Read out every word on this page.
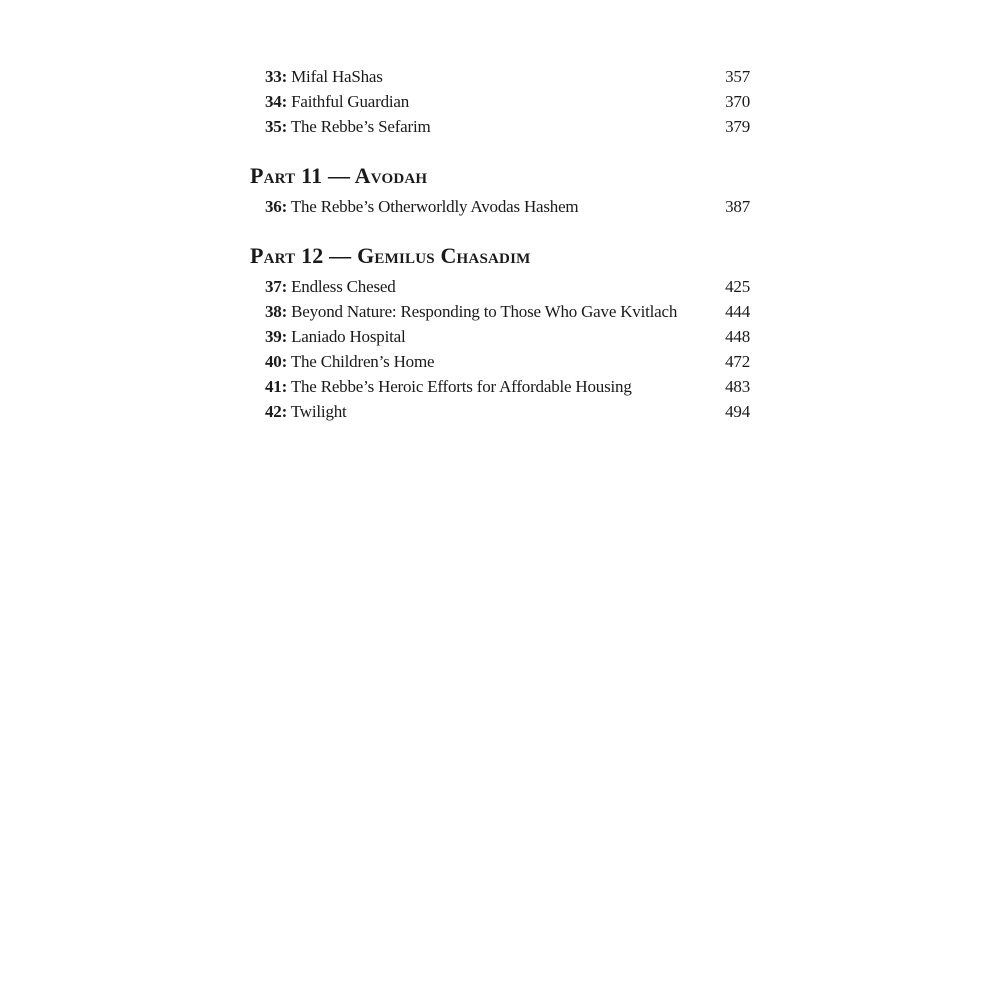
33: Mifal HaShas	357
34: Faithful Guardian	370
35: The Rebbe’s Sefarim	379
Part 11 — Avodah
36: The Rebbe’s Otherworldly Avodas Hashem	387
Part 12 — Gemilus Chasadim
37: Endless Chesed	425
38: Beyond Nature: Responding to Those Who Gave Kvitlach	444
39: Laniado Hospital	448
40: The Children’s Home	472
41: The Rebbe’s Heroic Efforts for Affordable Housing	483
42: Twilight	494
